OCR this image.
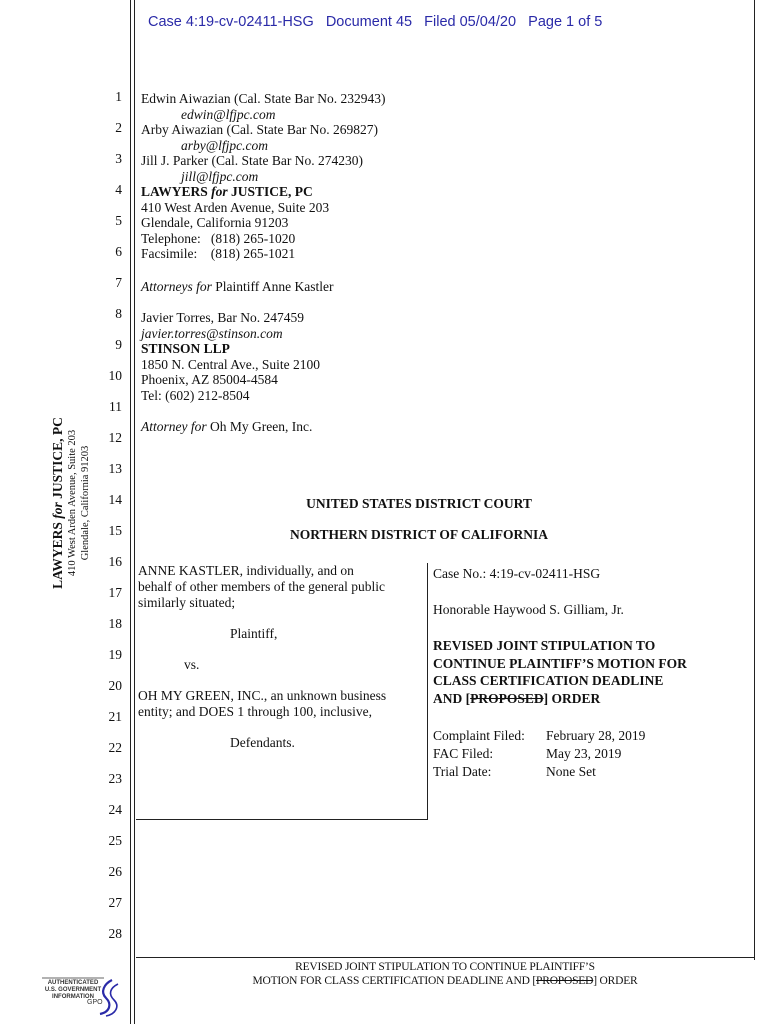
Case 4:19-cv-02411-HSG   Document 45   Filed 05/04/20   Page 1 of 5
1
2
3
4
5
6
7
8
9
10
11
12
13
14
15
16
17
18
19
20
21
22
23
24
25
26
27
28
LAWYERS for JUSTICE, PC 410 West Arden Avenue, Suite 203 Glendale, California 91203
Edwin Aiwazian (Cal. State Bar No. 232943)
edwin@lfjpc.com
Arby Aiwazian (Cal. State Bar No. 269827)
arby@lfjpc.com
Jill J. Parker (Cal. State Bar No. 274230)
jill@lfjpc.com
LAWYERS for JUSTICE, PC
410 West Arden Avenue, Suite 203
Glendale, California 91203
Telephone:   (818) 265-1020
Facsimile:    (818) 265-1021
Attorneys for Plaintiff Anne Kastler
Javier Torres, Bar No. 247459
javier.torres@stinson.com
STINSON LLP
1850 N. Central Ave., Suite 2100
Phoenix, AZ 85004-4584
Tel: (602) 212-8504
Attorney for Oh My Green, Inc.
UNITED STATES DISTRICT COURT
NORTHERN DISTRICT OF CALIFORNIA
ANNE KASTLER, individually, and on
behalf of other members of the general public
similarly situated;
Plaintiff,
vs.
OH MY GREEN, INC., an unknown business
entity; and DOES 1 through 100, inclusive,
Defendants.
Case No.: 4:19-cv-02411-HSG
Honorable Haywood S. Gilliam, Jr.
REVISED JOINT STIPULATION TO
CONTINUE PLAINTIFF’S MOTION FOR
CLASS CERTIFICATION DEADLINE
AND [PROPOSED] ORDER
Complaint Filed: February 28, 2019
FAC Filed:	May 23, 2019
Trial Date:	None Set
REVISED JOINT STIPULATION TO CONTINUE PLAINTIFF’S
MOTION FOR CLASS CERTIFICATION DEADLINE AND [PROPOSED] ORDER
AUTHENTICATED
U.S. GOVERNMENT
INFORMATION
GPO
